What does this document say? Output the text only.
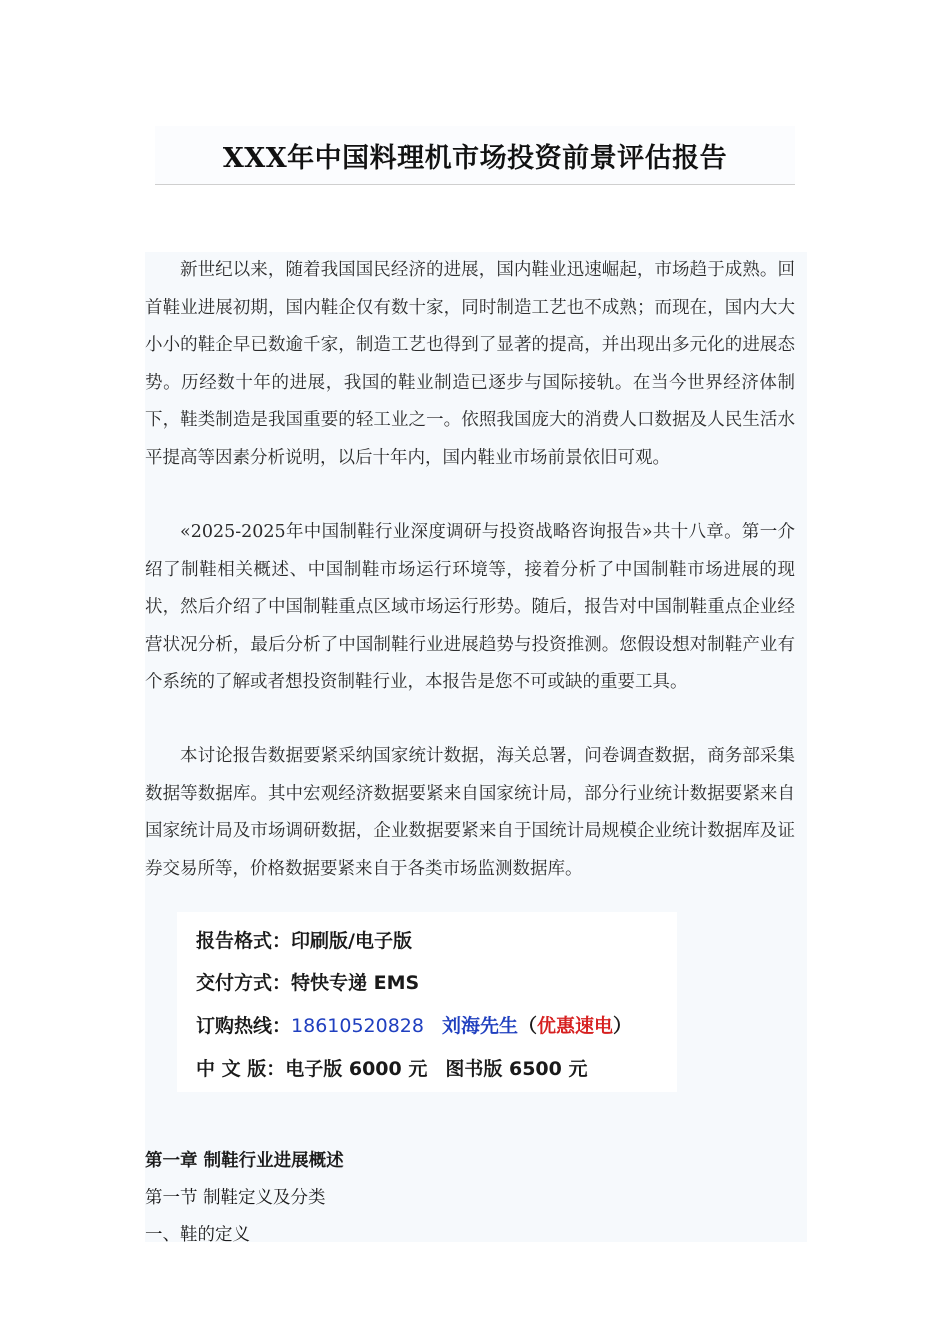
XXX年中国料理机市场投资前景评估报告

新世纪以来，随着我国国民经济的进展，国内鞋业迅速崛起，市场趋于成熟。回首鞋业进展初期，国内鞋企仅有数十家，同时制造工艺也不成熟；而现在，国内大大小小的鞋企早已数逾千家，制造工艺也得到了显著的提高，并出现出多元化的进展态势。历经数十年的进展，我国的鞋业制造已逐步与国际接轨。在当今世界经济体制下，鞋类制造是我国重要的轻工业之一。依照我国庞大的消费人口数据及人民生活水平提高等因素分析说明，以后十年内，国内鞋业市场前景依旧可观。

«2025-2025年中国制鞋行业深度调研与投资战略咨询报告»共十八章。第一介绍了制鞋相关概述、中国制鞋市场运行环境等，接着分析了中国制鞋市场进展的现状，然后介绍了中国制鞋重点区域市场运行形势。随后，报告对中国制鞋重点企业经营状况分析，最后分析了中国制鞋行业进展趋势与投资推测。您假设想对制鞋产业有个系统的了解或者想投资制鞋行业，本报告是您不可或缺的重要工具。

本讨论报告数据要紧采纳国家统计数据，海关总署，问卷调查数据，商务部采集数据等数据库。其中宏观经济数据要紧来自国家统计局，部分行业统计数据要紧来自国家统计局及市场调研数据，企业数据要紧来自于国统计局规模企业统计数据库及证券交易所等，价格数据要紧来自于各类市场监测数据库。

报告格式：印刷版/电子版
交付方式：特快专递 EMS
订购热线：18610520828 刘海先生（优惠速电）
中 文 版：电子版 6000 元 图书版 6500 元
第一章 制鞋行业进展概述
第一节 制鞋定义及分类
一、鞋的定义
